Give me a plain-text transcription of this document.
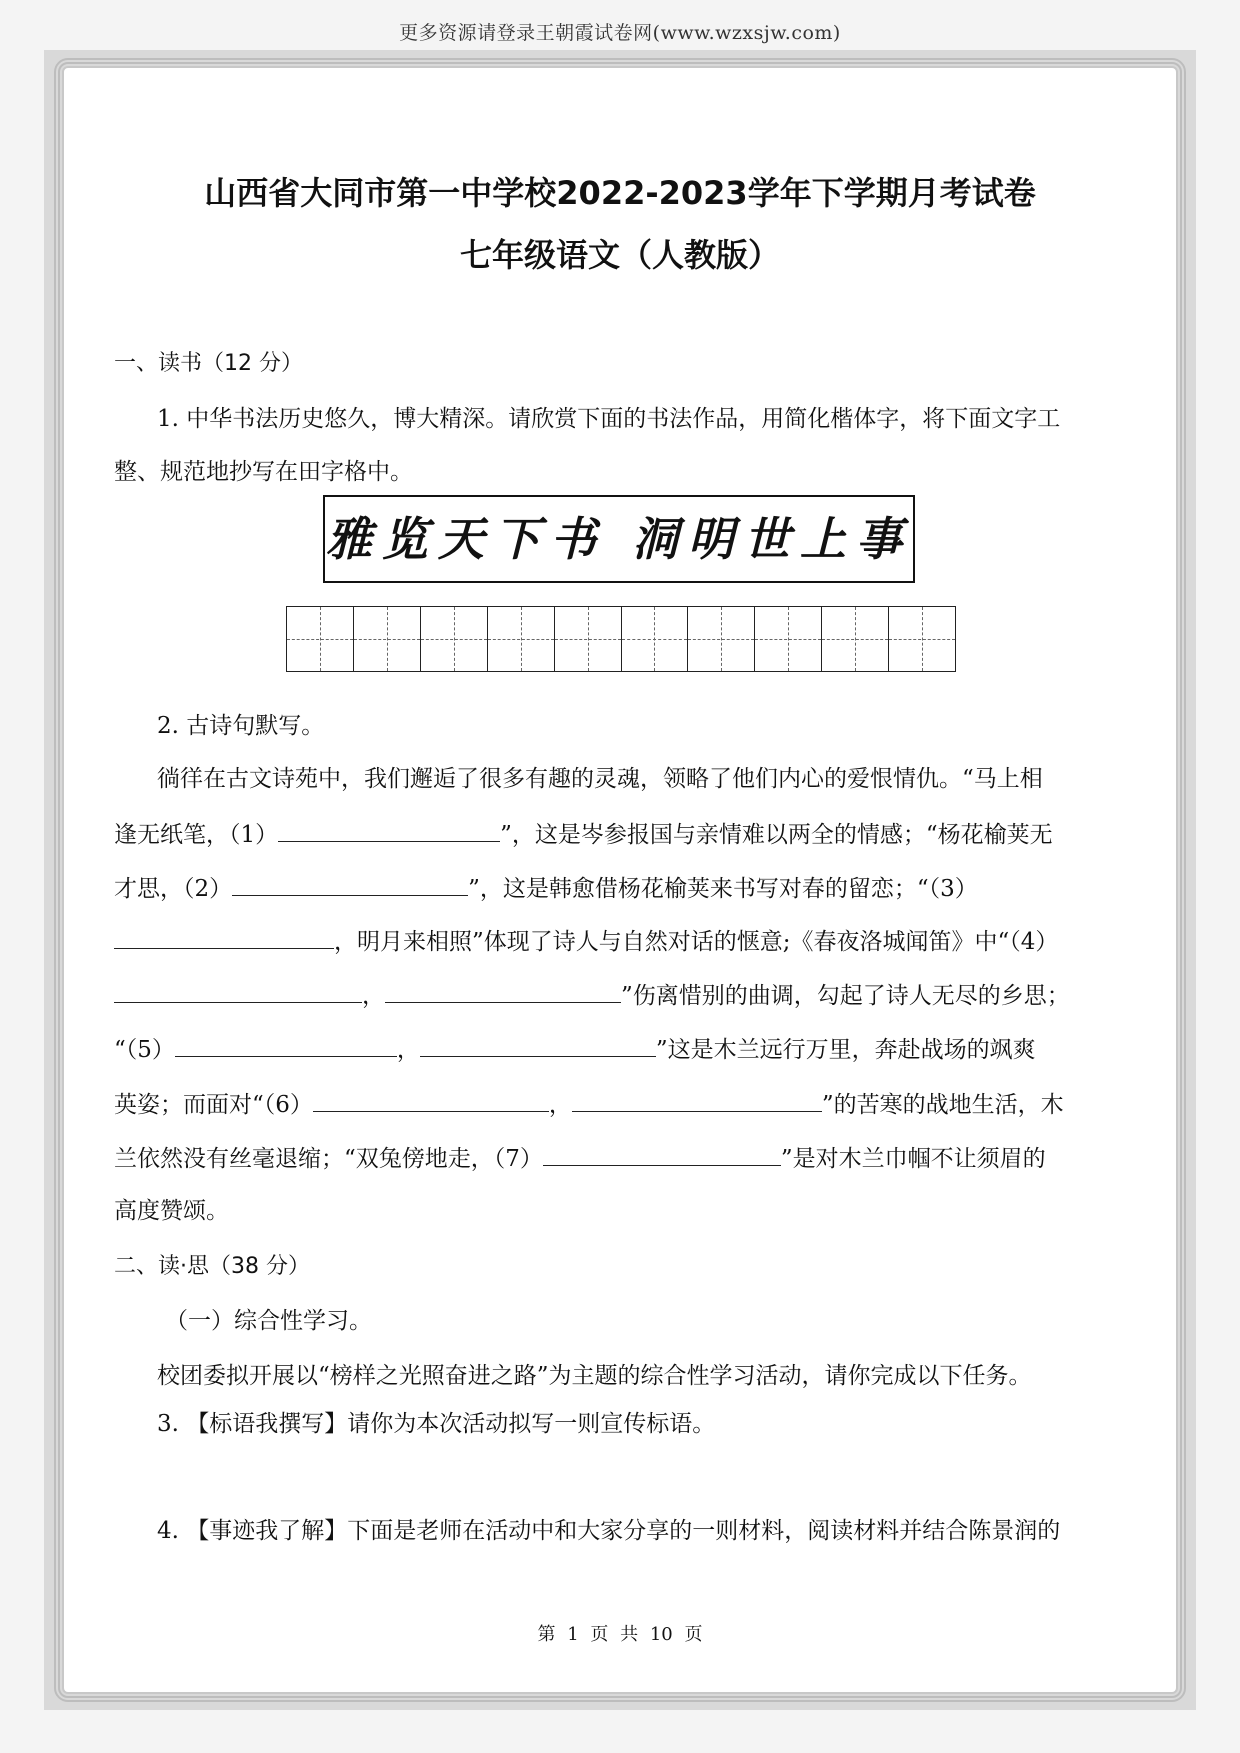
更多资源请登录王朝霞试卷网(www.wzxsjw.com)
山西省大同市第一中学校2022-2023学年下学期月考试卷
七年级语文（人教版）
一、读书（12 分）
1. 中华书法历史悠久，博大精深。请欣赏下面的书法作品，用简化楷体字，将下面文字工
整、规范地抄写在田字格中。
雅览天下书 洞明世上事
2. 古诗句默写。
徜徉在古文诗苑中，我们邂逅了很多有趣的灵魂，领略了他们内心的爱恨情仇。“马上相
逢无纸笔，（1）	”，这是岑参报国与亲情难以两全的情感；“杨花榆荚无
才思，（2）	”，这是韩愈借杨花榆荚来书写对春的留恋；“（3）
，明月来相照”体现了诗人与自然对话的惬意;《春夜洛城闻笛》中“（4）
，	”伤离惜别的曲调，勾起了诗人无尽的乡思；
“（5）	，	”这是木兰远行万里，奔赴战场的飒爽
英姿；而面对“（6）	，	”的苦寒的战地生活，木
兰依然没有丝毫退缩；“双兔傍地走，（7）	”是对木兰巾帼不让须眉的
高度赞颂。
二、读·思（38 分）
（一）综合性学习。
校团委拟开展以“榜样之光照奋进之路”为主题的综合性学习活动，请你完成以下任务。
3. 【标语我撰写】请你为本次活动拟写一则宣传标语。
4. 【事迹我了解】下面是老师在活动中和大家分享的一则材料，阅读材料并结合陈景润的
第 1 页 共 10 页
